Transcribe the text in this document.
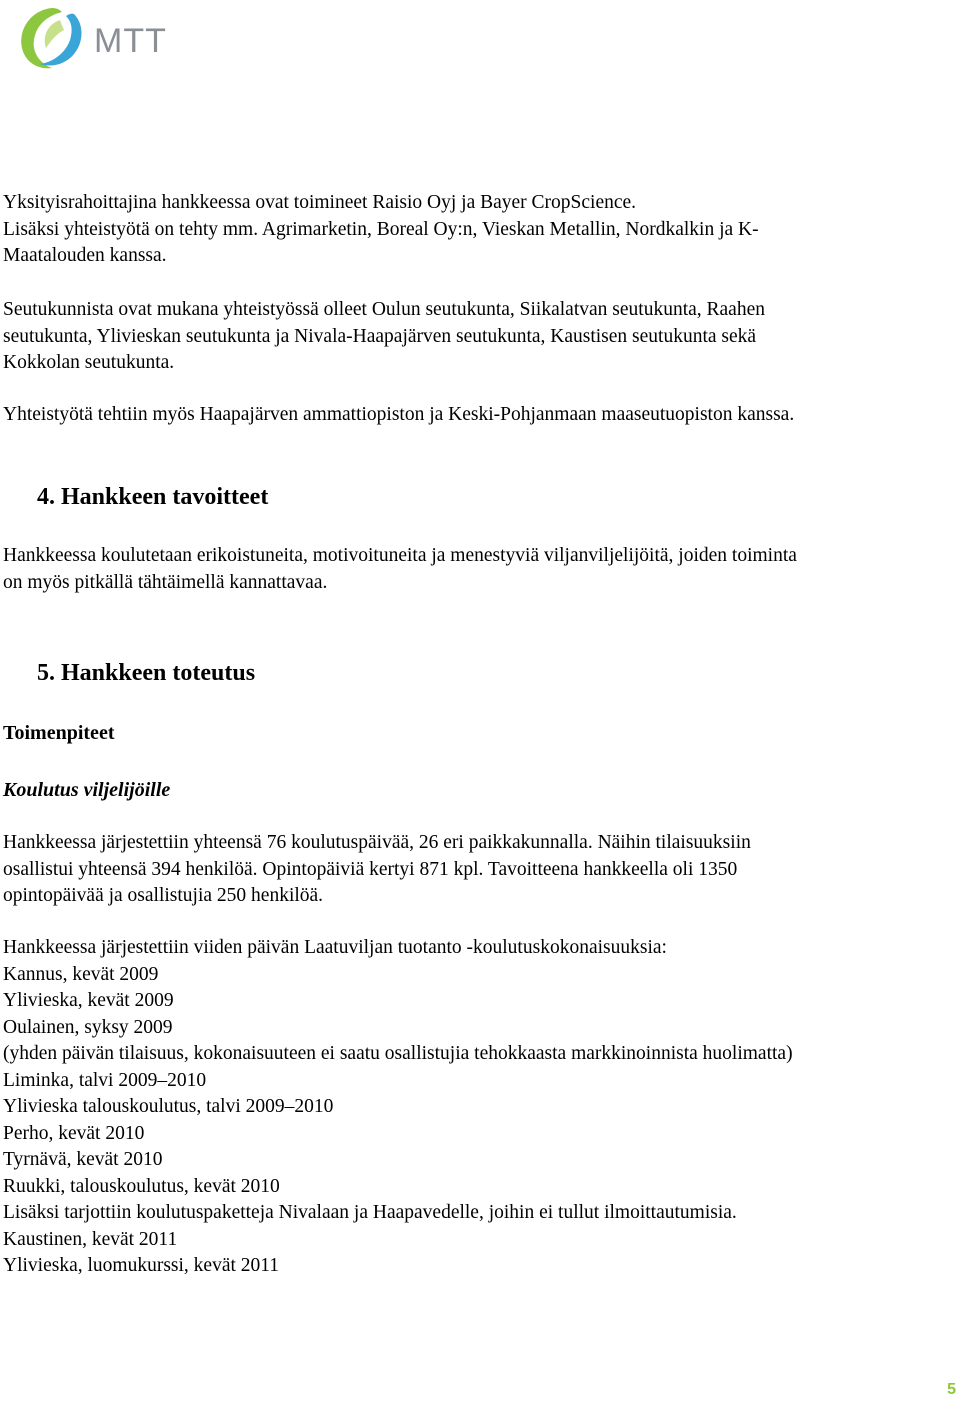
MTT
Yksityisrahoittajina hankkeessa ovat toimineet Raisio Oyj ja Bayer CropScience.
Lisäksi yhteistyötä on tehty mm. Agrimarketin, Boreal Oy:n, Vieskan Metallin, Nordkalkin ja K-
Maatalouden kanssa.
Seutukunnista ovat mukana yhteistyössä olleet Oulun seutukunta, Siikalatvan seutukunta, Raahen
seutukunta, Ylivieskan seutukunta ja Nivala-Haapajärven seutukunta, Kaustisen seutukunta sekä
Kokkolan seutukunta.
Yhteistyötä tehtiin myös Haapajärven ammattiopiston ja Keski-Pohjanmaan maaseutuopiston kanssa.
4. Hankkeen tavoitteet
Hankkeessa koulutetaan erikoistuneita, motivoituneita ja menestyviä viljanviljelijöitä, joiden toiminta
on myös pitkällä tähtäimellä kannattavaa.
5. Hankkeen toteutus
Toimenpiteet
Koulutus viljelijöille
Hankkeessa järjestettiin yhteensä 76 koulutuspäivää, 26 eri paikkakunnalla. Näihin tilaisuuksiin
osallistui yhteensä 394 henkilöä. Opintopäiviä kertyi 871 kpl. Tavoitteena hankkeella oli 1350
opintopäivää ja osallistujia 250 henkilöä.
Hankkeessa järjestettiin viiden päivän Laatuviljan tuotanto -koulutuskokonaisuuksia:
Kannus, kevät 2009
Ylivieska, kevät 2009
Oulainen, syksy 2009
(yhden päivän tilaisuus, kokonaisuuteen ei saatu osallistujia tehokkaasta markkinoinnista huolimatta)
Liminka, talvi 2009–2010
Ylivieska talouskoulutus, talvi 2009–2010
Perho, kevät 2010
Tyrnävä, kevät 2010
Ruukki, talouskoulutus, kevät 2010
Lisäksi tarjottiin koulutuspaketteja Nivalaan ja Haapavedelle, joihin ei tullut ilmoittautumisia.
Kaustinen, kevät 2011
Ylivieska, luomukurssi, kevät 2011
5
